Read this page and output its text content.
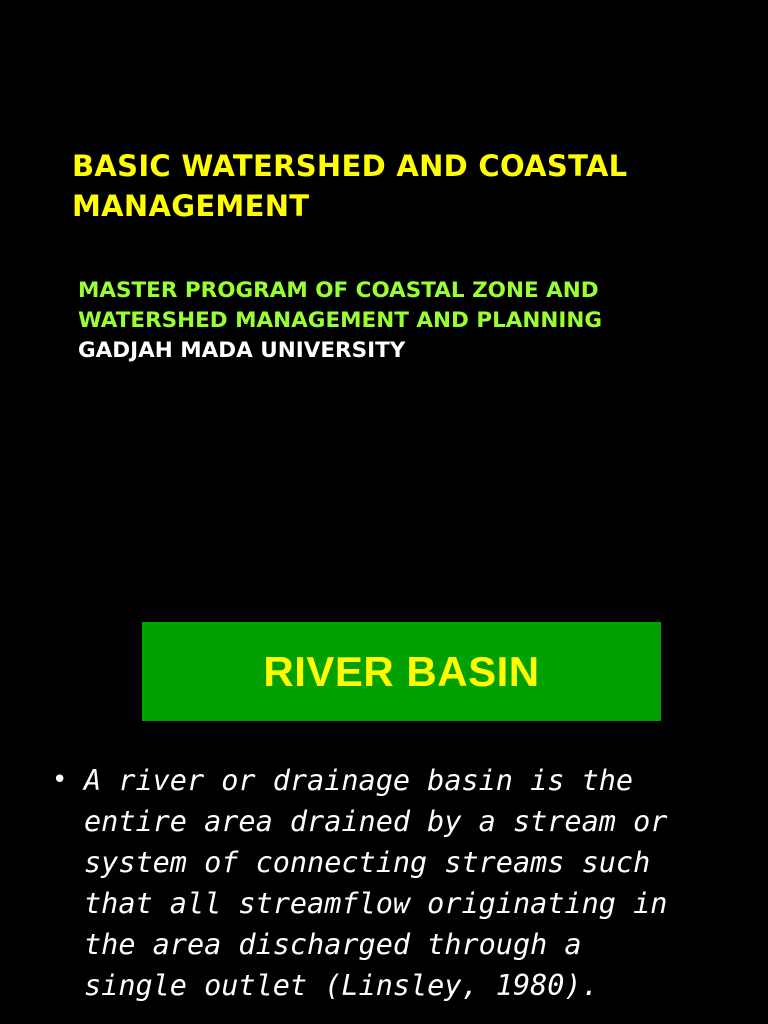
BASIC WATERSHED AND COASTAL MANAGEMENT
MASTER PROGRAM OF COASTAL ZONE AND WATERSHED MANAGEMENT AND PLANNING
GADJAH MADA UNIVERSITY
RIVER BASIN
• A river or drainage basin is the entire area drained by a stream or system of connecting streams such that all streamflow originating in the area discharged through a single outlet (Linsley, 1980).
